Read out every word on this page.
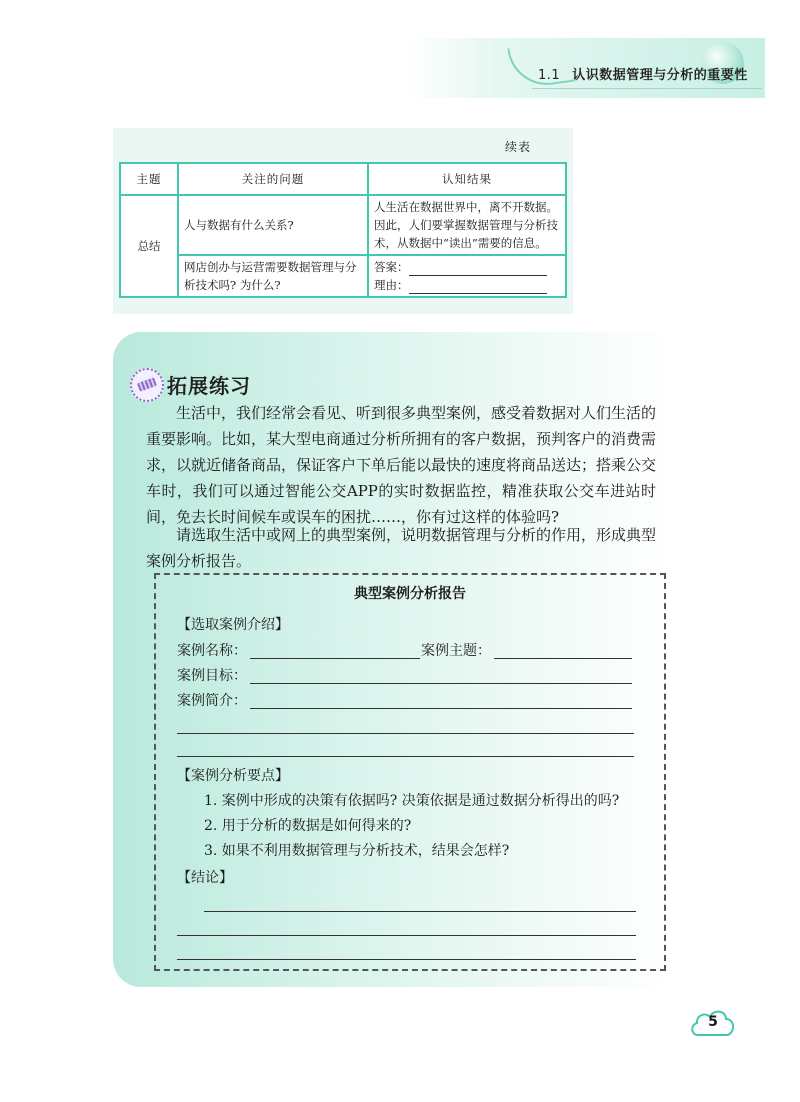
1.1 认识数据管理与分析的重要性
续表
主题	关注的问题	认知结果
总结	人与数据有什么关系?	人生活在数据世界中，离不开数据。因此，人们要掌握数据管理与分析技术，从数据中“读出”需要的信息。
	网店创办与运营需要数据管理与分析技术吗? 为什么?	答案：
理由：
拓展练习

生活中，我们经常会看见、听到很多典型案例，感受着数据对人们生活的重要影响。比如，某大型电商通过分析所拥有的客户数据，预判客户的消费需求，以就近储备商品，保证客户下单后能以最快的速度将商品送达；搭乘公交车时，我们可以通过智能公交APP的实时数据监控，精准获取公交车进站时间，免去长时间候车或误车的困扰……，你有过这样的体验吗?

请选取生活中或网上的典型案例，说明数据管理与分析的作用，形成典型案例分析报告。

典型案例分析报告
【选取案例介绍】
案例名称：	案例主题：
案例目标：
案例简介：
【案例分析要点】
1. 案例中形成的决策有依据吗? 决策依据是通过数据分析得出的吗?
2. 用于分析的数据是如何得来的?
3. 如果不利用数据管理与分析技术，结果会怎样?
【结论】
5
